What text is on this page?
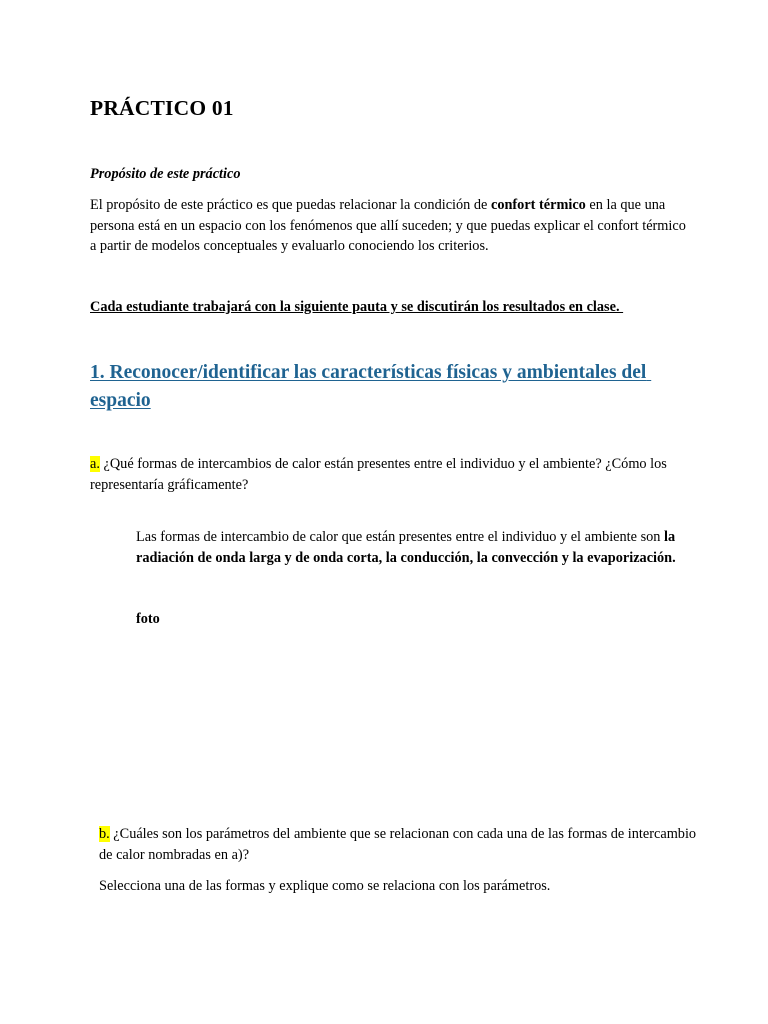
PRÁCTICO 01
Propósito de este práctico

El propósito de este práctico es que puedas relacionar la condición de confort térmico en la que una persona está en un espacio con los fenómenos que allí suceden; y que puedas explicar el confort térmico a partir de modelos conceptuales y evaluarlo conociendo los criterios.

Cada estudiante trabajará con la siguiente pauta y se discutirán los resultados en clase.
1. Reconocer/identificar las características físicas y ambientales del espacio

a. ¿Qué formas de intercambios de calor están presentes entre el individuo y el ambiente? ¿Cómo los representaría gráficamente?

Las formas de intercambio de calor que están presentes entre el individuo y el ambiente son la radiación de onda larga y de onda corta, la conducción, la convección y la evaporización.

foto

b. ¿Cuáles son los parámetros del ambiente que se relacionan con cada una de las formas de intercambio de calor nombradas en a)?

Selecciona una de las formas y explique como se relaciona con los parámetros.
